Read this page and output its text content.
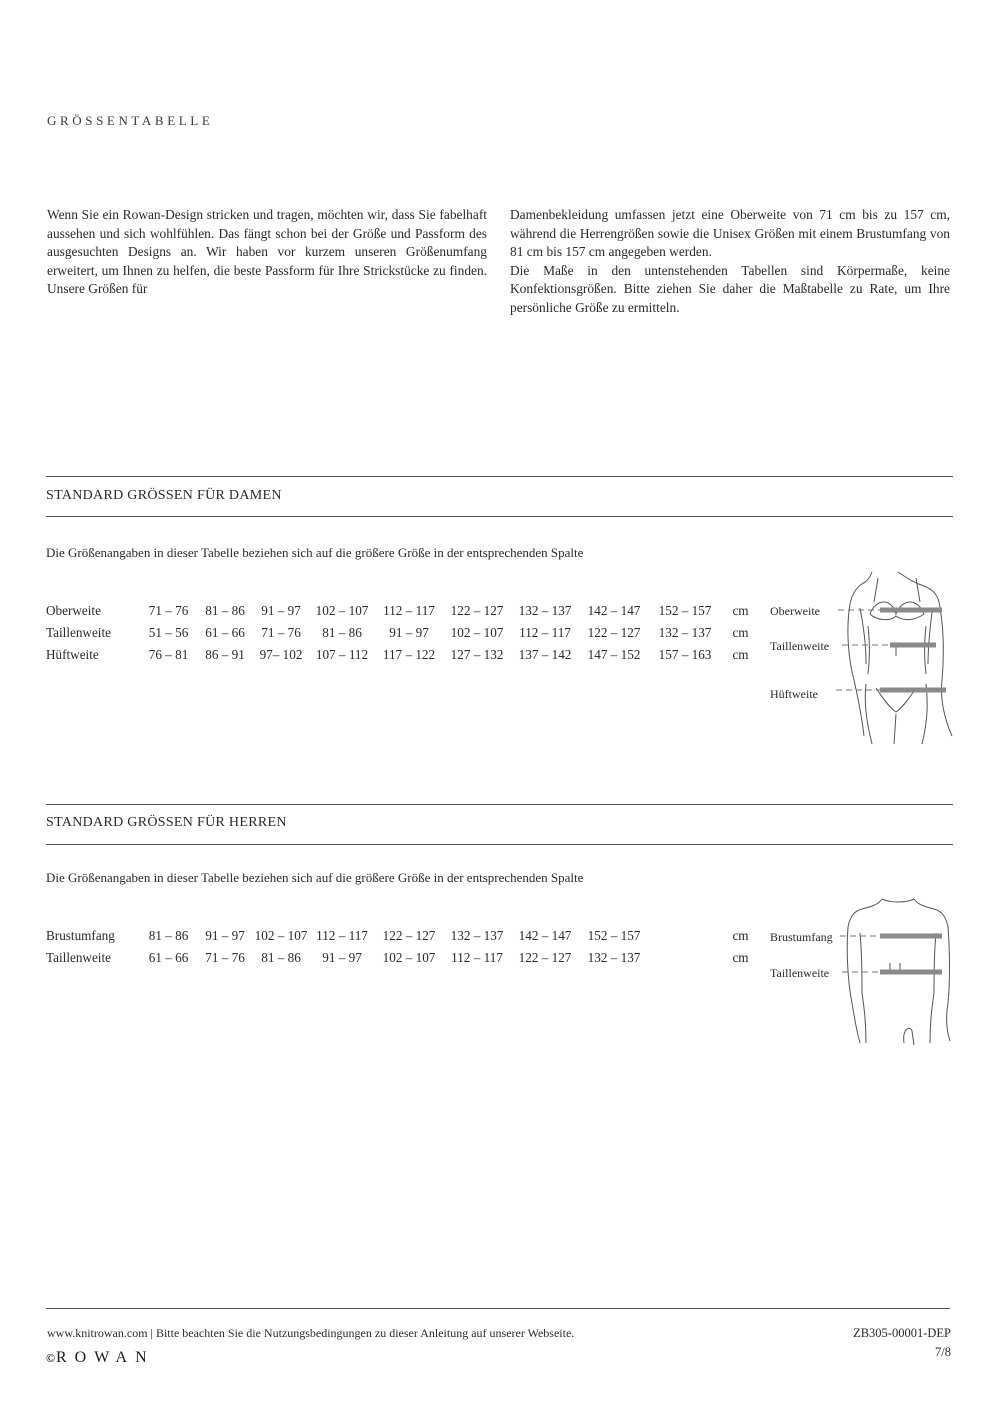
GRÖSSENTABELLE

Wenn Sie ein Rowan-Design stricken und tragen, möchten wir, dass Sie fabelhaft aussehen und sich wohlfühlen. Das fängt schon bei der Größe und Passform des ausgesuchten Designs an. Wir haben vor kurzem unseren Größenumfang erweitert, um Ihnen zu helfen, die beste Passform für Ihre Strickstücke zu finden. Unsere Größen für

Damenbekleidung umfassen jetzt eine Oberweite von 71 cm bis zu 157 cm, während die Herrengrößen sowie die Unisex Größen mit einem Brustumfang von 81 cm bis 157 cm angegeben werden.

Die Maße in den untenstehenden Tabellen sind Körpermaße, keine Konfektionsgrößen. Bitte ziehen Sie daher die Maßtabelle zu Rate, um Ihre persönliche Größe zu ermitteln.

STANDARD GRÖSSEN FÜR DAMEN
Die Größenangaben in dieser Tabelle beziehen sich auf die größere Größe in der entsprechenden Spalte
Oberweite	71 – 76	81 – 86	91 – 97	102 – 107	112 – 117	122 – 127	132 – 137	142 – 147	152 – 157	cm
Taillenweite	51 – 56	61 – 66	71 – 76	81 – 86	91 – 97	102 – 107	112 – 117	122 – 127	132 – 137	cm
Hüftweite	76 – 81	86 – 91	97– 102	107 – 112	117 – 122	127 – 132	137 – 142	147 – 152	157 – 163	cm
Oberweite
Taillenweite
Hüftweite
STANDARD GRÖSSEN FÜR HERREN
Die Größenangaben in dieser Tabelle beziehen sich auf die größere Größe in der entsprechenden Spalte
Brustumfang	81 – 86	91 – 97	102 – 107	112 – 117	122 – 127	132 – 137	142 – 147	152 – 157		cm
Taillenweite	61 – 66	71 – 76	81 – 86	91 – 97	102 – 107	112 – 117	122 – 127	132 – 137		cm
Brustumfang
Taillenweite
www.knitrowan.com | Bitte beachten Sie die Nutzungsbedingungen zu dieser Anleitung auf unserer Webseite.	ZB305-00001-DEP
7/8
©ROWAN
